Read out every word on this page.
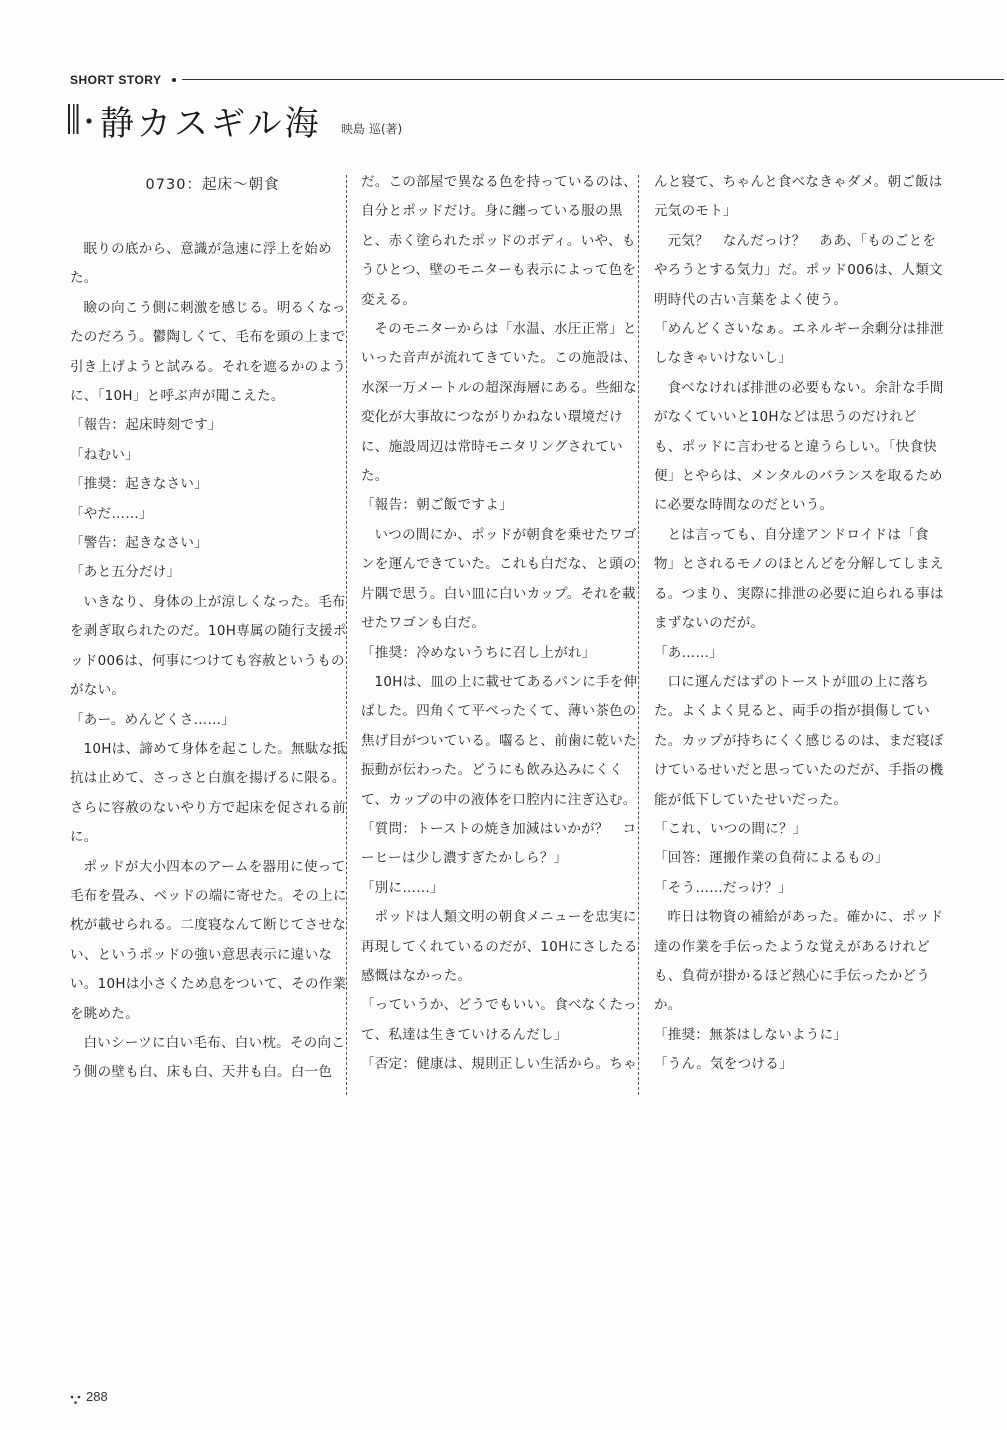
SHORT STORY
静カスギル海 映島 巡(著)
0730：起床～朝食

眠りの底から、意識が急速に浮上を始めた。

瞼の向こう側に刺激を感じる。明るくなったのだろう。鬱陶しくて、毛布を頭の上まで引き上げようと試みる。それを遮るかのように、「10H」と呼ぶ声が聞こえた。

「報告：起床時刻です」

「ねむい」

「推奨：起きなさい」

「やだ……」

「警告：起きなさい」

「あと五分だけ」

いきなり、身体の上が涼しくなった。毛布を剥ぎ取られたのだ。10H専属の随行支援ポッド006は、何事につけても容赦というものがない。

「あー。めんどくさ……」

10Hは、諦めて身体を起こした。無駄な抵抗は止めて、さっさと白旗を揚げるに限る。さらに容赦のないやり方で起床を促される前に。

ポッドが大小四本のアームを器用に使って毛布を畳み、ベッドの端に寄せた。その上に枕が載せられる。二度寝なんて断じてさせない、というポッドの強い意思表示に違いない。10Hは小さくため息をついて、その作業を眺めた。

白いシーツに白い毛布、白い枕。その向こう側の壁も白、床も白、天井も白。白一色

だ。この部屋で異なる色を持っているのは、自分とポッドだけ。身に纏っている服の黒と、赤く塗られたポッドのボディ。いや、もうひとつ、壁のモニターも表示によって色を変える。

そのモニターからは「水温、水圧正常」といった音声が流れてきていた。この施設は、水深一万メートルの超深海層にある。些細な変化が大事故につながりかねない環境だけに、施設周辺は常時モニタリングされていた。

「報告：朝ご飯ですよ」

いつの間にか、ポッドが朝食を乗せたワゴンを運んできていた。これも白だな、と頭の片隅で思う。白い皿に白いカップ。それを載せたワゴンも白だ。

「推奨：冷めないうちに召し上がれ」

10Hは、皿の上に載せてあるパンに手を伸ばした。四角くて平べったくて、薄い茶色の焦げ目がついている。囓ると、前歯に乾いた振動が伝わった。どうにも飲み込みにくくて、カップの中の液体を口腔内に注ぎ込む。

「質問：トーストの焼き加減はいかが？　コーヒーは少し濃すぎたかしら？」

「別に……」

ポッドは人類文明の朝食メニューを忠実に再現してくれているのだが、10Hにさしたる感慨はなかった。

「っていうか、どうでもいい。食べなくたって、私達は生きていけるんだし」

「否定：健康は、規則正しい生活から。ちゃ

んと寝て、ちゃんと食べなきゃダメ。朝ご飯は元気のモト」

元気？　なんだっけ？　ああ、「ものごとをやろうとする気力」だ。ポッド006は、人類文明時代の古い言葉をよく使う。

「めんどくさいなぁ。エネルギー余剰分は排泄しなきゃいけないし」

食べなければ排泄の必要もない。余計な手間がなくていいと10Hなどは思うのだけれども、ポッドに言わせると違うらしい。「快食快便」とやらは、メンタルのバランスを取るために必要な時間なのだという。

とは言っても、自分達アンドロイドは「食物」とされるモノのほとんどを分解してしまえる。つまり、実際に排泄の必要に迫られる事はまずないのだが。

「あ……」

口に運んだはずのトーストが皿の上に落ちた。よくよく見ると、両手の指が損傷していた。カップが持ちにくく感じるのは、まだ寝ぼけているせいだと思っていたのだが、手指の機能が低下していたせいだった。

「これ、いつの間に？」

「回答：運搬作業の負荷によるもの」

「そう……だっけ？」

昨日は物資の補給があった。確かに、ポッド達の作業を手伝ったような覚えがあるけれども、負荷が掛かるほど熱心に手伝ったかどうか。

「推奨：無茶はしないように」

「うん。気をつける」

288
